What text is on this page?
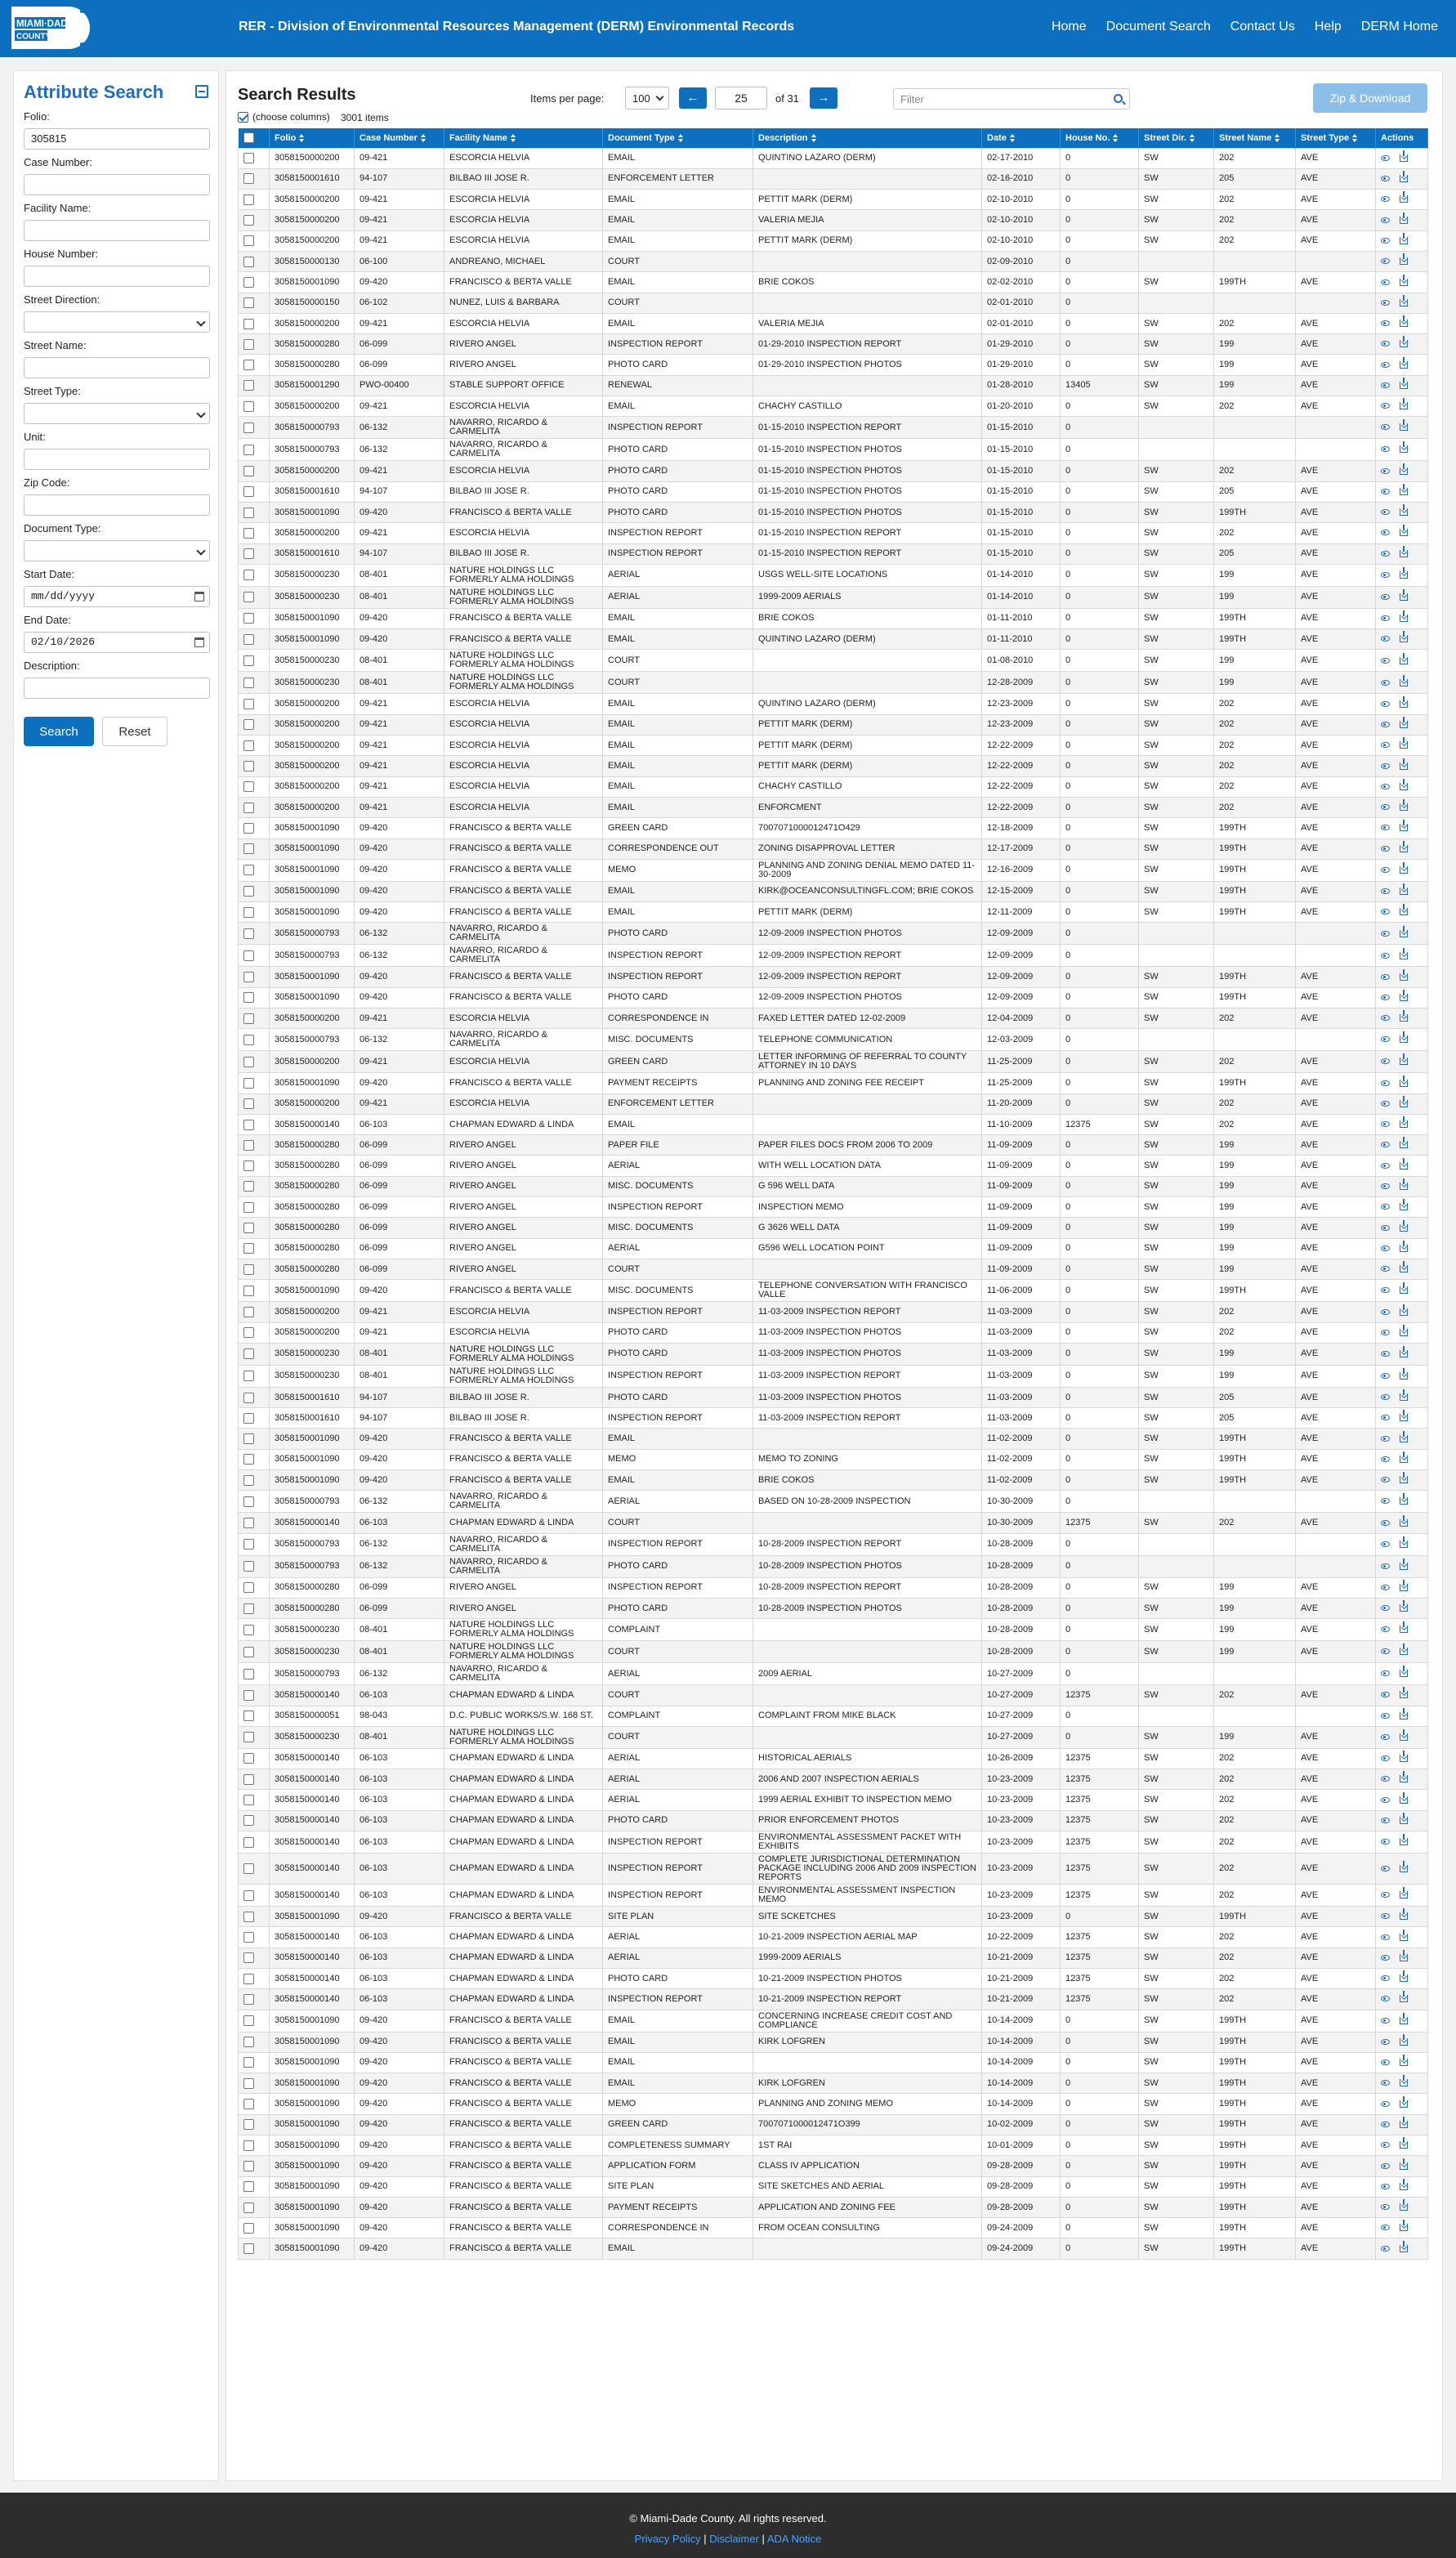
MIAMI·DADE
COUNTY
RER - Division of Environmental Resources Management (DERM) Environmental Records	Home Document Search Contact Us Help DERM Home
Attribute Search
Folio:
305815
Case Number:
Facility Name:
House Number:
Street Direction:
Street Name:
Street Type:
Unit:
Zip Code:
Document Type:
Start Date:
mm/dd/yyyy
End Date:
02/10/2026
Description:
Search	Reset
Search Results
(choose columns) 3001 items
Items per page:	100	←	25	of 31	→	Filter	Zip & Download
	Folio	Case Number	Facility Name	Document Type	Description	Date	House No.	Street Dir.	Street Name	Street Type	Actions
	3058150000200	09-421	ESCORCIA HELVIA	EMAIL	QUINTINO LAZARO (DERM)	02-17-2010	0	SW	202	AVE	
	3058150001610	94-107	BILBAO III JOSE R.	ENFORCEMENT LETTER		02-16-2010	0	SW	205	AVE	
	3058150000200	09-421	ESCORCIA HELVIA	EMAIL	PETTIT MARK (DERM)	02-10-2010	0	SW	202	AVE	
	3058150000200	09-421	ESCORCIA HELVIA	EMAIL	VALERIA MEJIA	02-10-2010	0	SW	202	AVE	
	3058150000200	09-421	ESCORCIA HELVIA	EMAIL	PETTIT MARK (DERM)	02-10-2010	0	SW	202	AVE	
	3058150000130	06-100	ANDREANO, MICHAEL	COURT		02-09-2010	0				
	3058150001090	09-420	FRANCISCO & BERTA VALLE	EMAIL	BRIE COKOS	02-02-2010	0	SW	199TH	AVE	
	3058150000150	06-102	NUNEZ, LUIS & BARBARA	COURT		02-01-2010	0				
	3058150000200	09-421	ESCORCIA HELVIA	EMAIL	VALERIA MEJIA	02-01-2010	0	SW	202	AVE	
	3058150000280	06-099	RIVERO ANGEL	INSPECTION REPORT	01-29-2010 INSPECTION REPORT	01-29-2010	0	SW	199	AVE	
	3058150000280	06-099	RIVERO ANGEL	PHOTO CARD	01-29-2010 INSPECTION PHOTOS	01-29-2010	0	SW	199	AVE	
	3058150001290	PWO-00400	STABLE SUPPORT OFFICE	RENEWAL		01-28-2010	13405	SW	199	AVE	
	3058150000200	09-421	ESCORCIA HELVIA	EMAIL	CHACHY CASTILLO	01-20-2010	0	SW	202	AVE	
	3058150000793	06-132	NAVARRO, RICARDO & CARMELITA	INSPECTION REPORT	01-15-2010 INSPECTION REPORT	01-15-2010	0				
	3058150000793	06-132	NAVARRO, RICARDO & CARMELITA	PHOTO CARD	01-15-2010 INSPECTION PHOTOS	01-15-2010	0				
	3058150000200	09-421	ESCORCIA HELVIA	PHOTO CARD	01-15-2010 INSPECTION PHOTOS	01-15-2010	0	SW	202	AVE	
	3058150001610	94-107	BILBAO III JOSE R.	PHOTO CARD	01-15-2010 INSPECTION PHOTOS	01-15-2010	0	SW	205	AVE	
	3058150001090	09-420	FRANCISCO & BERTA VALLE	PHOTO CARD	01-15-2010 INSPECTION PHOTOS	01-15-2010	0	SW	199TH	AVE	
	3058150000200	09-421	ESCORCIA HELVIA	INSPECTION REPORT	01-15-2010 INSPECTION REPORT	01-15-2010	0	SW	202	AVE	
	3058150001610	94-107	BILBAO III JOSE R.	INSPECTION REPORT	01-15-2010 INSPECTION REPORT	01-15-2010	0	SW	205	AVE	
	3058150000230	08-401	NATURE HOLDINGS LLC FORMERLY ALMA HOLDINGS	AERIAL	USGS WELL-SITE LOCATIONS	01-14-2010	0	SW	199	AVE	
	3058150000230	08-401	NATURE HOLDINGS LLC FORMERLY ALMA HOLDINGS	AERIAL	1999-2009 AERIALS	01-14-2010	0	SW	199	AVE	
	3058150001090	09-420	FRANCISCO & BERTA VALLE	EMAIL	BRIE COKOS	01-11-2010	0	SW	199TH	AVE	
	3058150001090	09-420	FRANCISCO & BERTA VALLE	EMAIL	QUINTINO LAZARO (DERM)	01-11-2010	0	SW	199TH	AVE	
	3058150000230	08-401	NATURE HOLDINGS LLC FORMERLY ALMA HOLDINGS	COURT		01-08-2010	0	SW	199	AVE	
	3058150000230	08-401	NATURE HOLDINGS LLC FORMERLY ALMA HOLDINGS	COURT		12-28-2009	0	SW	199	AVE	
	3058150000200	09-421	ESCORCIA HELVIA	EMAIL	QUINTINO LAZARO (DERM)	12-23-2009	0	SW	202	AVE	
	3058150000200	09-421	ESCORCIA HELVIA	EMAIL	PETTIT MARK (DERM)	12-23-2009	0	SW	202	AVE	
	3058150000200	09-421	ESCORCIA HELVIA	EMAIL	PETTIT MARK (DERM)	12-22-2009	0	SW	202	AVE	
	3058150000200	09-421	ESCORCIA HELVIA	EMAIL	PETTIT MARK (DERM)	12-22-2009	0	SW	202	AVE	
	3058150000200	09-421	ESCORCIA HELVIA	EMAIL	CHACHY CASTILLO	12-22-2009	0	SW	202	AVE	
	3058150000200	09-421	ESCORCIA HELVIA	EMAIL	ENFORCMENT	12-22-2009	0	SW	202	AVE	
	3058150001090	09-420	FRANCISCO & BERTA VALLE	GREEN CARD	7007071000012471O429	12-18-2009	0	SW	199TH	AVE	
	3058150001090	09-420	FRANCISCO & BERTA VALLE	CORRESPONDENCE OUT	ZONING DISAPPROVAL LETTER	12-17-2009	0	SW	199TH	AVE	
	3058150001090	09-420	FRANCISCO & BERTA VALLE	MEMO	PLANNING AND ZONING DENIAL MEMO DATED 11-30-2009	12-16-2009	0	SW	199TH	AVE	
	3058150001090	09-420	FRANCISCO & BERTA VALLE	EMAIL	KIRK@OCEANCONSULTINGFL.COM; BRIE COKOS	12-15-2009	0	SW	199TH	AVE	
	3058150001090	09-420	FRANCISCO & BERTA VALLE	EMAIL	PETTIT MARK (DERM)	12-11-2009	0	SW	199TH	AVE	
	3058150000793	06-132	NAVARRO, RICARDO & CARMELITA	PHOTO CARD	12-09-2009 INSPECTION PHOTOS	12-09-2009	0				
	3058150000793	06-132	NAVARRO, RICARDO & CARMELITA	INSPECTION REPORT	12-09-2009 INSPECTION REPORT	12-09-2009	0				
	3058150001090	09-420	FRANCISCO & BERTA VALLE	INSPECTION REPORT	12-09-2009 INSPECTION REPORT	12-09-2009	0	SW	199TH	AVE	
	3058150001090	09-420	FRANCISCO & BERTA VALLE	PHOTO CARD	12-09-2009 INSPECTION PHOTOS	12-09-2009	0	SW	199TH	AVE	
	3058150000200	09-421	ESCORCIA HELVIA	CORRESPONDENCE IN	FAXED LETTER DATED 12-02-2009	12-04-2009	0	SW	202	AVE	
	3058150000793	06-132	NAVARRO, RICARDO & CARMELITA	MISC. DOCUMENTS	TELEPHONE COMMUNICATION	12-03-2009	0				
	3058150000200	09-421	ESCORCIA HELVIA	GREEN CARD	LETTER INFORMING OF REFERRAL TO COUNTY ATTORNEY IN 10 DAYS	11-25-2009	0	SW	202	AVE	
	3058150001090	09-420	FRANCISCO & BERTA VALLE	PAYMENT RECEIPTS	PLANNING AND ZONING FEE RECEIPT	11-25-2009	0	SW	199TH	AVE	
	3058150000200	09-421	ESCORCIA HELVIA	ENFORCEMENT LETTER		11-20-2009	0	SW	202	AVE	
	3058150000140	06-103	CHAPMAN EDWARD & LINDA	EMAIL		11-10-2009	12375	SW	202	AVE	
	3058150000280	06-099	RIVERO ANGEL	PAPER FILE	PAPER FILES DOCS FROM 2006 TO 2009	11-09-2009	0	SW	199	AVE	
	3058150000280	06-099	RIVERO ANGEL	AERIAL	WITH WELL LOCATION DATA	11-09-2009	0	SW	199	AVE	
	3058150000280	06-099	RIVERO ANGEL	MISC. DOCUMENTS	G 596 WELL DATA	11-09-2009	0	SW	199	AVE	
	3058150000280	06-099	RIVERO ANGEL	INSPECTION REPORT	INSPECTION MEMO	11-09-2009	0	SW	199	AVE	
	3058150000280	06-099	RIVERO ANGEL	MISC. DOCUMENTS	G 3626 WELL DATA	11-09-2009	0	SW	199	AVE	
	3058150000280	06-099	RIVERO ANGEL	AERIAL	G596 WELL LOCATION POINT	11-09-2009	0	SW	199	AVE	
	3058150000280	06-099	RIVERO ANGEL	COURT		11-09-2009	0	SW	199	AVE	
	3058150001090	09-420	FRANCISCO & BERTA VALLE	MISC. DOCUMENTS	TELEPHONE CONVERSATION WITH FRANCISCO VALLE	11-06-2009	0	SW	199TH	AVE	
	3058150000200	09-421	ESCORCIA HELVIA	INSPECTION REPORT	11-03-2009 INSPECTION REPORT	11-03-2009	0	SW	202	AVE	
	3058150000200	09-421	ESCORCIA HELVIA	PHOTO CARD	11-03-2009 INSPECTION PHOTOS	11-03-2009	0	SW	202	AVE	
	3058150000230	08-401	NATURE HOLDINGS LLC FORMERLY ALMA HOLDINGS	PHOTO CARD	11-03-2009 INSPECTION PHOTOS	11-03-2009	0	SW	199	AVE	
	3058150000230	08-401	NATURE HOLDINGS LLC FORMERLY ALMA HOLDINGS	INSPECTION REPORT	11-03-2009 INSPECTION REPORT	11-03-2009	0	SW	199	AVE	
	3058150001610	94-107	BILBAO III JOSE R.	PHOTO CARD	11-03-2009 INSPECTION PHOTOS	11-03-2009	0	SW	205	AVE	
	3058150001610	94-107	BILBAO III JOSE R.	INSPECTION REPORT	11-03-2009 INSPECTION REPORT	11-03-2009	0	SW	205	AVE	
	3058150001090	09-420	FRANCISCO & BERTA VALLE	EMAIL		11-02-2009	0	SW	199TH	AVE	
	3058150001090	09-420	FRANCISCO & BERTA VALLE	MEMO	MEMO TO ZONING	11-02-2009	0	SW	199TH	AVE	
	3058150001090	09-420	FRANCISCO & BERTA VALLE	EMAIL	BRIE COKOS	11-02-2009	0	SW	199TH	AVE	
	3058150000793	06-132	NAVARRO, RICARDO & CARMELITA	AERIAL	BASED ON 10-28-2009 INSPECTION	10-30-2009	0				
	3058150000140	06-103	CHAPMAN EDWARD & LINDA	COURT		10-30-2009	12375	SW	202	AVE	
	3058150000793	06-132	NAVARRO, RICARDO & CARMELITA	INSPECTION REPORT	10-28-2009 INSPECTION REPORT	10-28-2009	0				
	3058150000793	06-132	NAVARRO, RICARDO & CARMELITA	PHOTO CARD	10-28-2009 INSPECTION PHOTOS	10-28-2009	0				
	3058150000280	06-099	RIVERO ANGEL	INSPECTION REPORT	10-28-2009 INSPECTION REPORT	10-28-2009	0	SW	199	AVE	
	3058150000280	06-099	RIVERO ANGEL	PHOTO CARD	10-28-2009 INSPECTION PHOTOS	10-28-2009	0	SW	199	AVE	
	3058150000230	08-401	NATURE HOLDINGS LLC FORMERLY ALMA HOLDINGS	COMPLAINT		10-28-2009	0	SW	199	AVE	
	3058150000230	08-401	NATURE HOLDINGS LLC FORMERLY ALMA HOLDINGS	COURT		10-28-2009	0	SW	199	AVE	
	3058150000793	06-132	NAVARRO, RICARDO & CARMELITA	AERIAL	2009 AERIAL	10-27-2009	0				
	3058150000140	06-103	CHAPMAN EDWARD & LINDA	COURT		10-27-2009	12375	SW	202	AVE	
	3058150000051	98-043	D.C. PUBLIC WORKS/S.W. 168 ST.	COMPLAINT	COMPLAINT FROM MIKE BLACK	10-27-2009	0				
	3058150000230	08-401	NATURE HOLDINGS LLC FORMERLY ALMA HOLDINGS	COURT		10-27-2009	0	SW	199	AVE	
	3058150000140	06-103	CHAPMAN EDWARD & LINDA	AERIAL	HISTORICAL AERIALS	10-26-2009	12375	SW	202	AVE	
	3058150000140	06-103	CHAPMAN EDWARD & LINDA	AERIAL	2006 AND 2007 INSPECTION AERIALS	10-23-2009	12375	SW	202	AVE	
	3058150000140	06-103	CHAPMAN EDWARD & LINDA	AERIAL	1999 AERIAL EXHIBIT TO INSPECTION MEMO	10-23-2009	12375	SW	202	AVE	
	3058150000140	06-103	CHAPMAN EDWARD & LINDA	PHOTO CARD	PRIOR ENFORCEMENT PHOTOS	10-23-2009	12375	SW	202	AVE	
	3058150000140	06-103	CHAPMAN EDWARD & LINDA	INSPECTION REPORT	ENVIRONMENTAL ASSESSMENT PACKET WITH EXHIBITS	10-23-2009	12375	SW	202	AVE	
	3058150000140	06-103	CHAPMAN EDWARD & LINDA	INSPECTION REPORT	COMPLETE JURISDICTIONAL DETERMINATION PACKAGE INCLUDING 2006 AND 2009 INSPECTION REPORTS	10-23-2009	12375	SW	202	AVE	
	3058150000140	06-103	CHAPMAN EDWARD & LINDA	INSPECTION REPORT	ENVIRONMENTAL ASSESSMENT INSPECTION MEMO	10-23-2009	12375	SW	202	AVE	
	3058150001090	09-420	FRANCISCO & BERTA VALLE	SITE PLAN	SITE SCKETCHES	10-23-2009	0	SW	199TH	AVE	
	3058150000140	06-103	CHAPMAN EDWARD & LINDA	AERIAL	10-21-2009 INSPECTION AERIAL MAP	10-22-2009	12375	SW	202	AVE	
	3058150000140	06-103	CHAPMAN EDWARD & LINDA	AERIAL	1999-2009 AERIALS	10-21-2009	12375	SW	202	AVE	
	3058150000140	06-103	CHAPMAN EDWARD & LINDA	PHOTO CARD	10-21-2009 INSPECTION PHOTOS	10-21-2009	12375	SW	202	AVE	
	3058150000140	06-103	CHAPMAN EDWARD & LINDA	INSPECTION REPORT	10-21-2009 INSPECTION REPORT	10-21-2009	12375	SW	202	AVE	
	3058150001090	09-420	FRANCISCO & BERTA VALLE	EMAIL	CONCERNING INCREASE CREDIT COST AND COMPLIANCE	10-14-2009	0	SW	199TH	AVE	
	3058150001090	09-420	FRANCISCO & BERTA VALLE	EMAIL	KIRK LOFGREN	10-14-2009	0	SW	199TH	AVE	
	3058150001090	09-420	FRANCISCO & BERTA VALLE	EMAIL		10-14-2009	0	SW	199TH	AVE	
	3058150001090	09-420	FRANCISCO & BERTA VALLE	EMAIL	KIRK LOFGREN	10-14-2009	0	SW	199TH	AVE	
	3058150001090	09-420	FRANCISCO & BERTA VALLE	MEMO	PLANNING AND ZONING MEMO	10-14-2009	0	SW	199TH	AVE	
	3058150001090	09-420	FRANCISCO & BERTA VALLE	GREEN CARD	7007071000012471O399	10-02-2009	0	SW	199TH	AVE	
	3058150001090	09-420	FRANCISCO & BERTA VALLE	COMPLETENESS SUMMARY	1ST RAI	10-01-2009	0	SW	199TH	AVE	
	3058150001090	09-420	FRANCISCO & BERTA VALLE	APPLICATION FORM	CLASS IV APPLICATION	09-28-2009	0	SW	199TH	AVE	
	3058150001090	09-420	FRANCISCO & BERTA VALLE	SITE PLAN	SITE SKETCHES AND AERIAL	09-28-2009	0	SW	199TH	AVE	
	3058150001090	09-420	FRANCISCO & BERTA VALLE	PAYMENT RECEIPTS	APPLICATION AND ZONING FEE	09-28-2009	0	SW	199TH	AVE	
	3058150001090	09-420	FRANCISCO & BERTA VALLE	CORRESPONDENCE IN	FROM OCEAN CONSULTING	09-24-2009	0	SW	199TH	AVE	
	3058150001090	09-420	FRANCISCO & BERTA VALLE	EMAIL		09-24-2009	0	SW	199TH	AVE	
© Miami-Dade County. All rights reserved.
Privacy Policy | Disclaimer | ADA Notice
